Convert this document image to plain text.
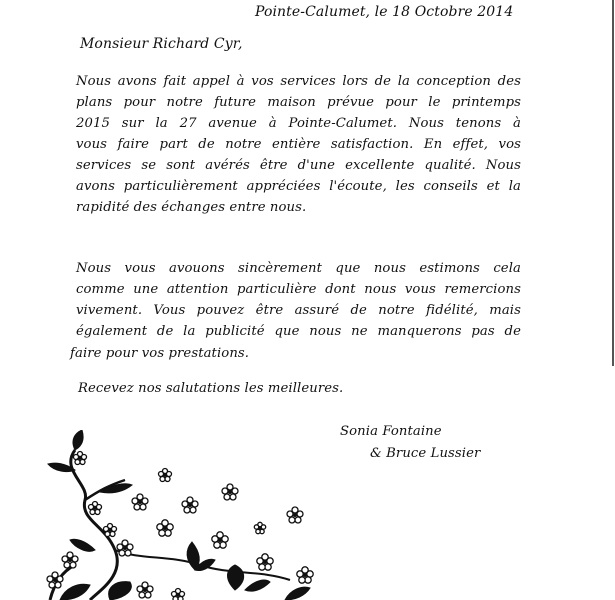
Pointe-Calumet, le 18 Octobre 2014
Monsieur Richard Cyr,
Nous avons fait appel à vos services lors de la conception des
plans pour notre future maison prévue pour le printemps
2015 sur la 27 avenue à Pointe-Calumet. Nous tenons à
vous faire part de notre entière satisfaction. En effet, vos
services se sont avérés être d'une excellente qualité. Nous
avons particulièrement appréciées l'écoute, les conseils et la
rapidité des échanges entre nous.
Nous vous avouons sincèrement que nous estimons cela
comme une attention particulière dont nous vous remercions
vivement. Vous pouvez être assuré de notre fidélité, mais
également de la publicité que nous ne manquerons pas de
faire pour vos prestations.
Recevez nos salutations les meilleures.
Sonia Fontaine
& Bruce Lussier
